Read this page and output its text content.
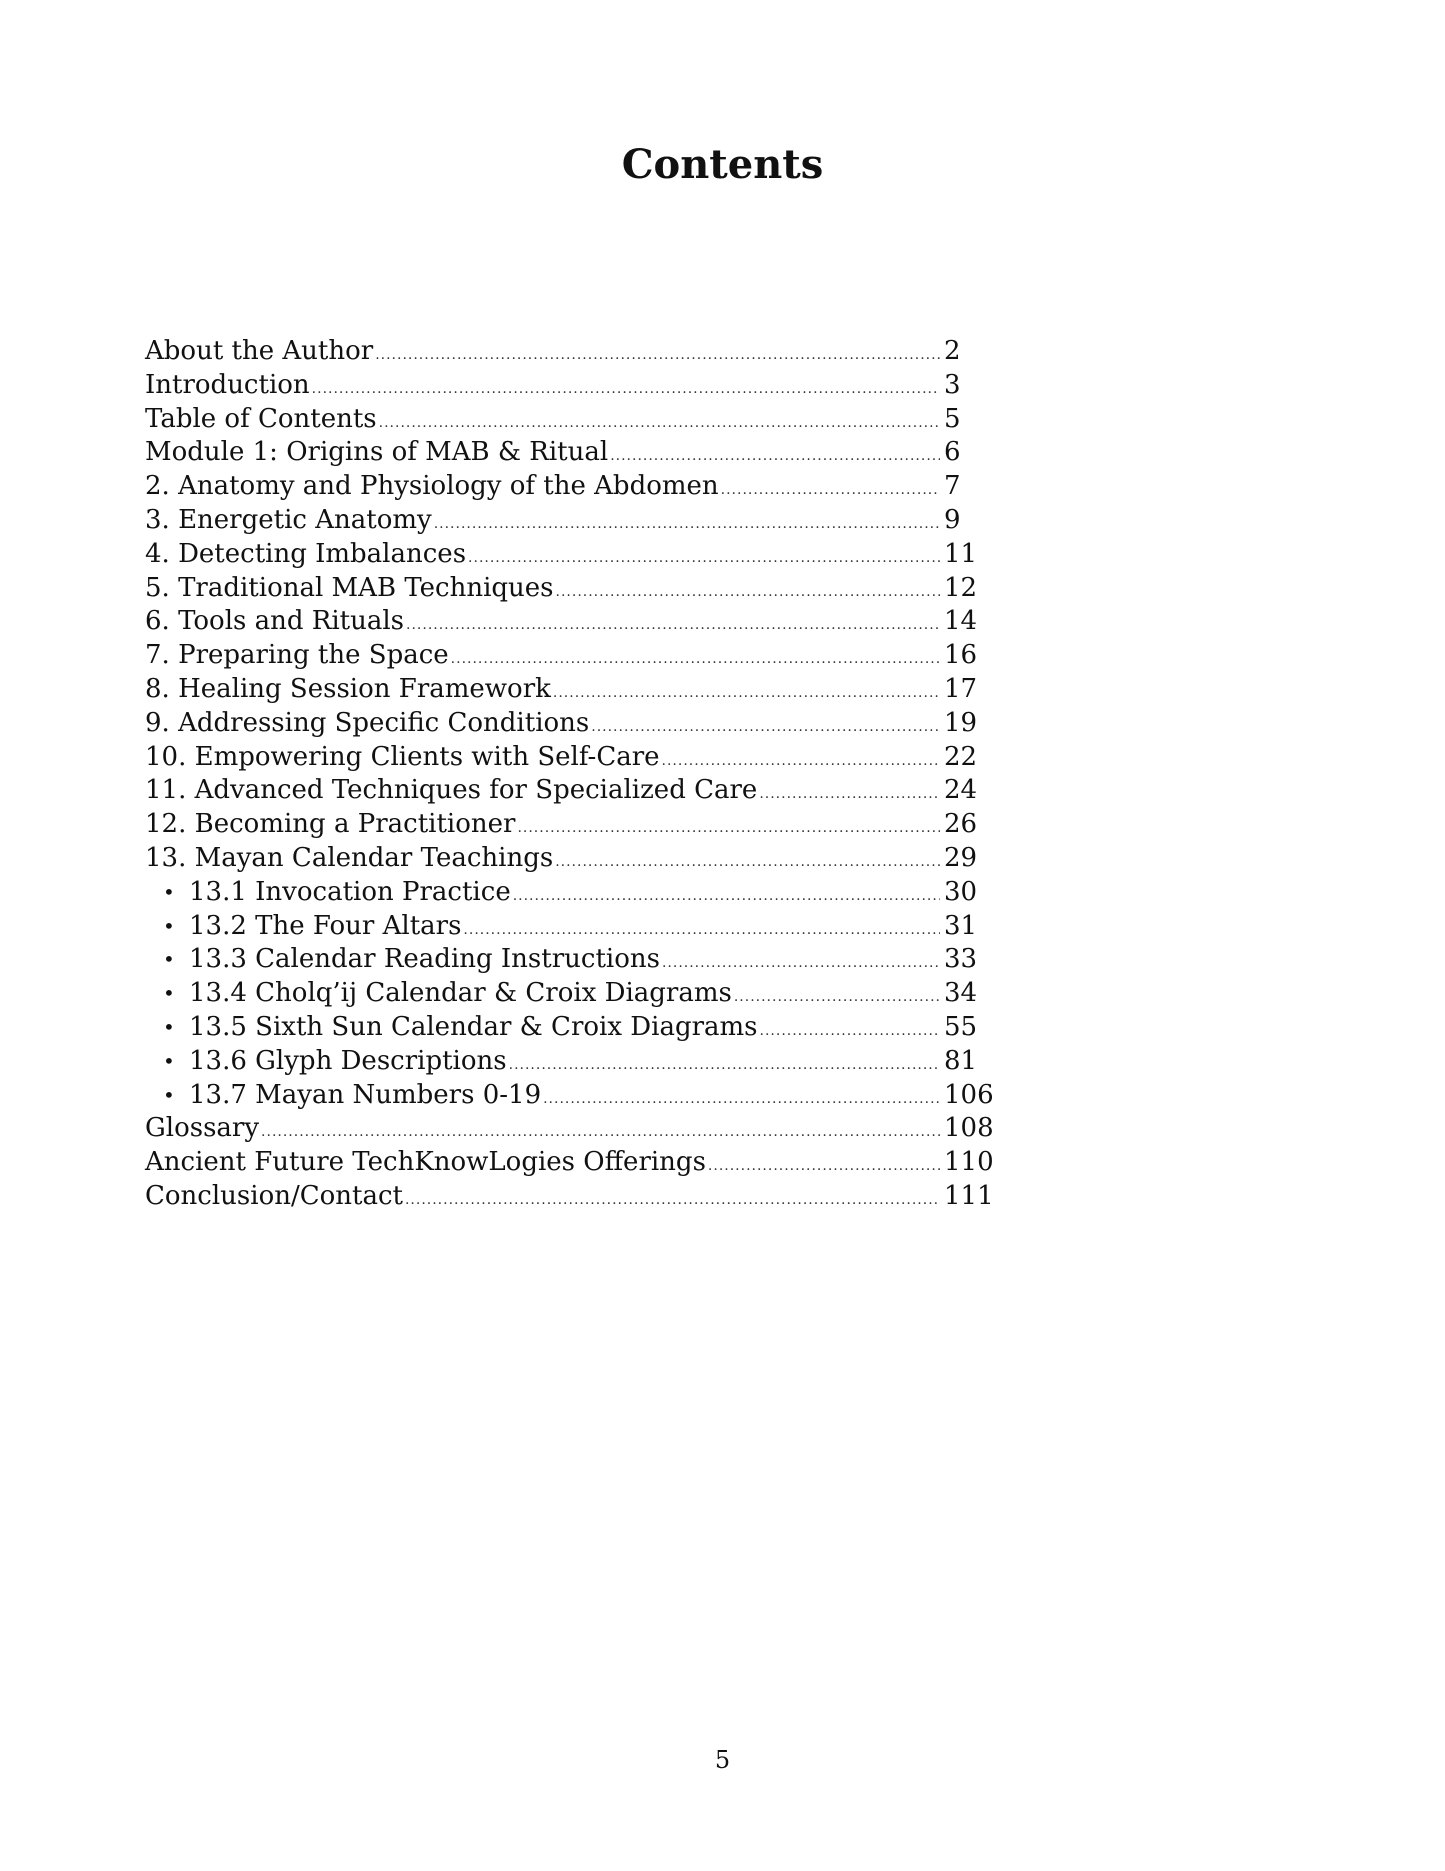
Contents
About the Author .....	2
Introduction .....	3
Table of Contents .....	5
Module 1: Origins of MAB & Ritual .....	6
2. Anatomy and Physiology of the Abdomen .....	7
3. Energetic Anatomy .....	9
4. Detecting Imbalances .....	11
5. Traditional MAB Techniques .....	12
6. Tools and Rituals .....	14
7. Preparing the Space .....	16
8. Healing Session Framework .....	17
9. Addressing Specific Conditions .....	19
10. Empowering Clients with Self-Care .....	22
11. Advanced Techniques for Specialized Care .....	24
12. Becoming a Practitioner .....	26
13. Mayan Calendar Teachings .....	29
• 13.1 Invocation Practice .....	30
• 13.2 The Four Altars .....	31
• 13.3 Calendar Reading Instructions .....	33
• 13.4 Cholq’ij Calendar & Croix Diagrams .....	34
• 13.5 Sixth Sun Calendar & Croix Diagrams .....	55
• 13.6 Glyph Descriptions .....	81
• 13.7 Mayan Numbers 0-19 .....	106
Glossary .....	108
Ancient Future TechKnowLogies Offerings .....	110
Conclusion/Contact .....	111
5
